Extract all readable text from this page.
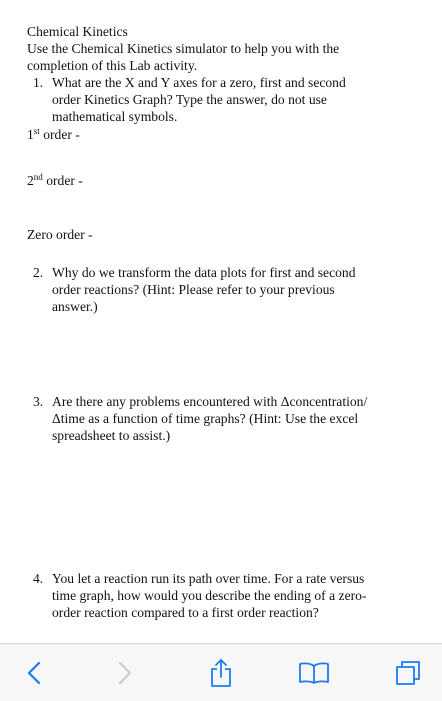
Chemical Kinetics
Use the Chemical Kinetics simulator to help you with the
completion of this Lab activity.
1. What are the X and Y axes for a zero, first and second
order Kinetics Graph? Type the answer, do not use
mathematical symbols.
1st order -
2nd order -
Zero order -
2. Why do we transform the data plots for first and second
order reactions? (Hint: Please refer to your previous
answer.)
3. Are there any problems encountered with Δconcentration/
Δtime as a function of time graphs? (Hint: Use the excel
spreadsheet to assist.)
4. You let a reaction run its path over time. For a rate versus
time graph, how would you describe the ending of a zero-
order reaction compared to a first order reaction?
